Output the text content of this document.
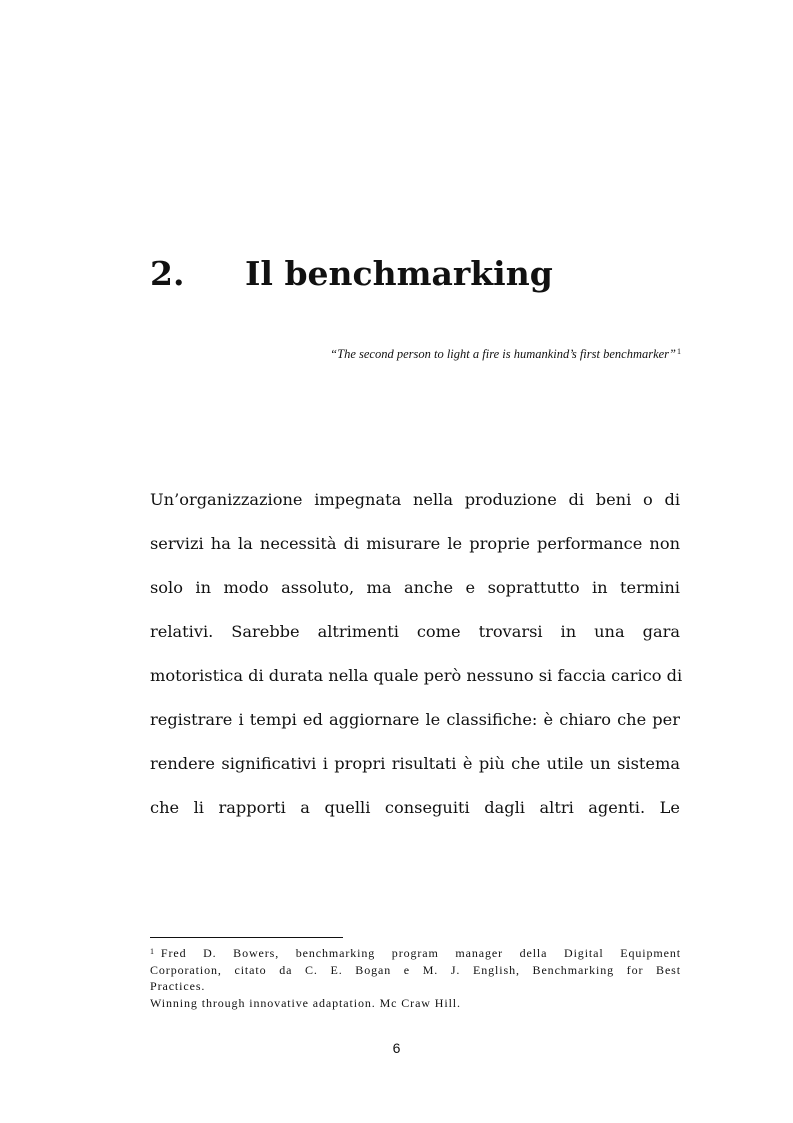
2. Il benchmarking
“The second person to light a fire is humankind’s first benchmarker”$^1$
Un’organizzazione impegnata nella produzione di beni o di
servizi ha la necessità di misurare le proprie performance non
solo in modo assoluto, ma anche e soprattutto in termini
relativi. Sarebbe altrimenti come trovarsi in una gara
motoristica di durata nella quale però nessuno si faccia carico di
registrare i tempi ed aggiornare le classifiche: è chiaro che per
rendere significativi i propri risultati è più che utile un sistema
che li rapporti a quelli conseguiti dagli altri agenti. Le
$^1$ Fred D. Bowers, benchmarking program manager della Digital Equipment
Corporation, citato da C. E. Bogan e M. J. English, Benchmarking for Best
Practices.
Winning through innovative adaptation. Mc Craw Hill.
6
